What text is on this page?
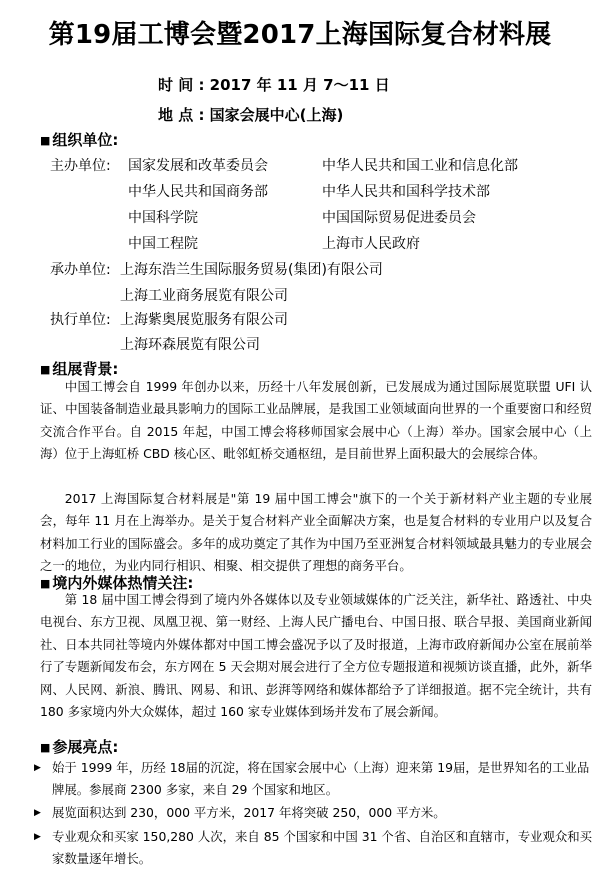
第19届工博会暨2017上海国际复合材料展
时 间 : 2017 年 11 月 7～11 日
地 点 : 国家会展中心(上海)
■ 组织单位:
主办单位: 国家发展和改革委员会	中华人民共和国工业和信息化部
中华人民共和国商务部	中华人民共和国科学技术部
中国科学院	中国国际贸易促进委员会
中国工程院	上海市人民政府
承办单位: 上海东浩兰生国际服务贸易(集团)有限公司
上海工业商务展览有限公司
执行单位: 上海紫奥展览服务有限公司
上海环森展览有限公司
■ 组展背景:

中国工博会自 1999 年创办以来，历经十八年发展创新，已发展成为通过国际展览联盟 UFI 认证、中国装备制造业最具影响力的国际工业品牌展，是我国工业领域面向世界的一个重要窗口和经贸交流合作平台。自 2015 年起，中国工博会将移师国家会展中心（上海）举办。国家会展中心（上海）位于上海虹桥 CBD 核心区、毗邻虹桥交通枢纽，是目前世界上面积最大的会展综合体。

2017 上海国际复合材料展是"第 19 届中国工博会"旗下的一个关于新材料产业主题的专业展会，每年 11 月在上海举办。是关于复合材料产业全面解决方案，也是复合材料的专业用户以及复合材料加工行业的国际盛会。多年的成功奠定了其作为中国乃至亚洲复合材料领域最具魅力的专业展会之一的地位，为业内同行相识、相聚、相交提供了理想的商务平台。

■ 境内外媒体热情关注:

第 18 届中国工博会得到了境内外各媒体以及专业领域媒体的广泛关注，新华社、路透社、中央电视台、东方卫视、凤凰卫视、第一财经、上海人民广播电台、中国日报、联合早报、美国商业新闻社、日本共同社等境内外媒体都对中国工博会盛况予以了及时报道，上海市政府新闻办公室在展前举行了专题新闻发布会，东方网在 5 天会期对展会进行了全方位专题报道和视频访谈直播，此外，新华网、人民网、新浪、腾讯、网易、和讯、彭湃等网络和媒体都给予了详细报道。据不完全统计，共有 180 多家境内外大众媒体，超过 160 家专业媒体到场并发布了展会新闻。

■ 参展亮点:
▶ 始于 1999 年，历经 18届的沉淀，将在国家会展中心（上海）迎来第 19届，是世界知名的工业品牌展。参展商 2300 多家，来自 29 个国家和地区。
▶ 展览面积达到 230，000 平方米，2017 年将突破 250，000 平方米。
▶ 专业观众和买家 150,280 人次，来自 85 个国家和中国 31 个省、自治区和直辖市，专业观众和买家数量逐年增长。
